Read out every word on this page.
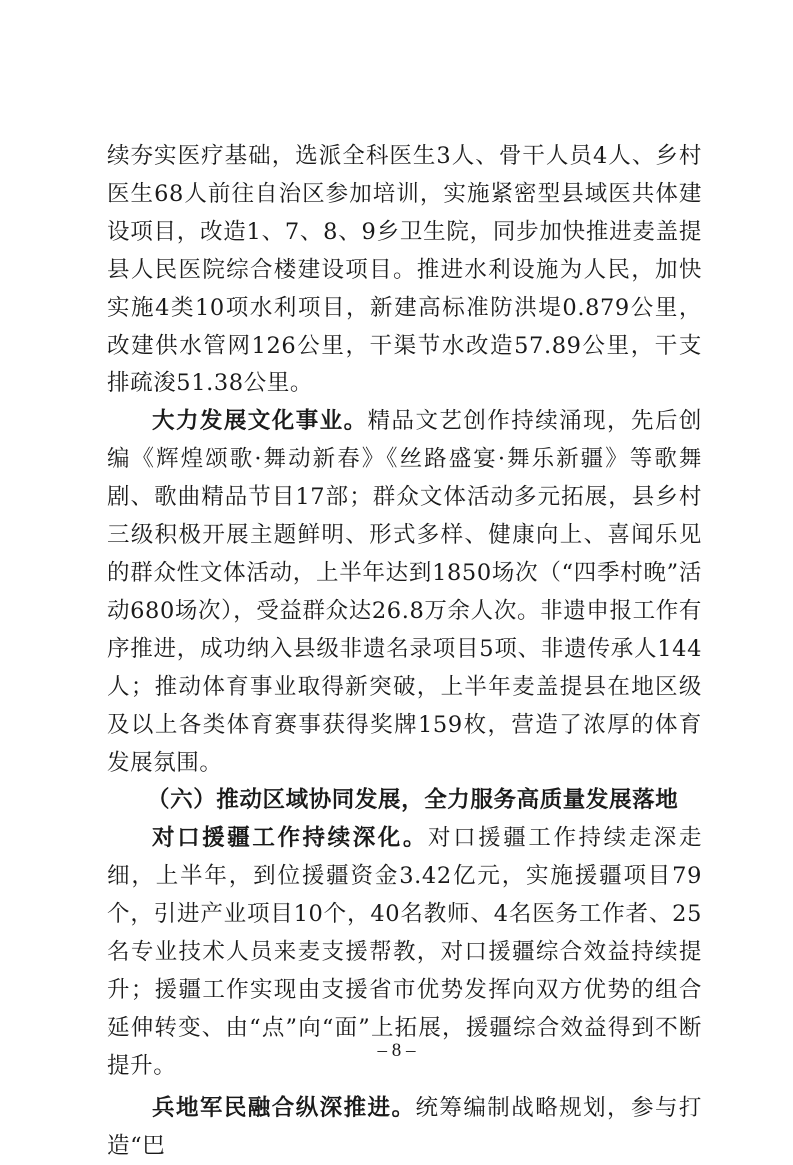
续夯实医疗基础，选派全科医生3人、骨干人员4人、乡村医生68人前往自治区参加培训，实施紧密型县域医共体建设项目，改造1、7、8、9乡卫生院，同步加快推进麦盖提县人民医院综合楼建设项目。推进水利设施为人民，加快实施4类10项水利项目，新建高标准防洪堤0.879公里，改建供水管网126公里，干渠节水改造57.89公里，干支排疏浚51.38公里。

大力发展文化事业。精品文艺创作持续涌现，先后创编《辉煌颂歌·舞动新春》《丝路盛宴·舞乐新疆》等歌舞剧、歌曲精品节目17部；群众文体活动多元拓展，县乡村三级积极开展主题鲜明、形式多样、健康向上、喜闻乐见的群众性文体活动，上半年达到1850场次（“四季村晚”活动680场次），受益群众达26.8万余人次。非遗申报工作有序推进，成功纳入县级非遗名录项目5项、非遗传承人144人；推动体育事业取得新突破，上半年麦盖提县在地区级及以上各类体育赛事获得奖牌159枚，营造了浓厚的体育发展氛围。

（六）推动区域协同发展，全力服务高质量发展落地

对口援疆工作持续深化。对口援疆工作持续走深走细，上半年，到位援疆资金3.42亿元，实施援疆项目79个，引进产业项目10个，40名教师、4名医务工作者、25名专业技术人员来麦支援帮教，对口援疆综合效益持续提升；援疆工作实现由支援省市优势发挥向双方优势的组合延伸转变、由“点”向“面”上拓展，援疆综合效益得到不断提升。

兵地军民融合纵深推进。统筹编制战略规划，参与打造“巴

– 8 –
